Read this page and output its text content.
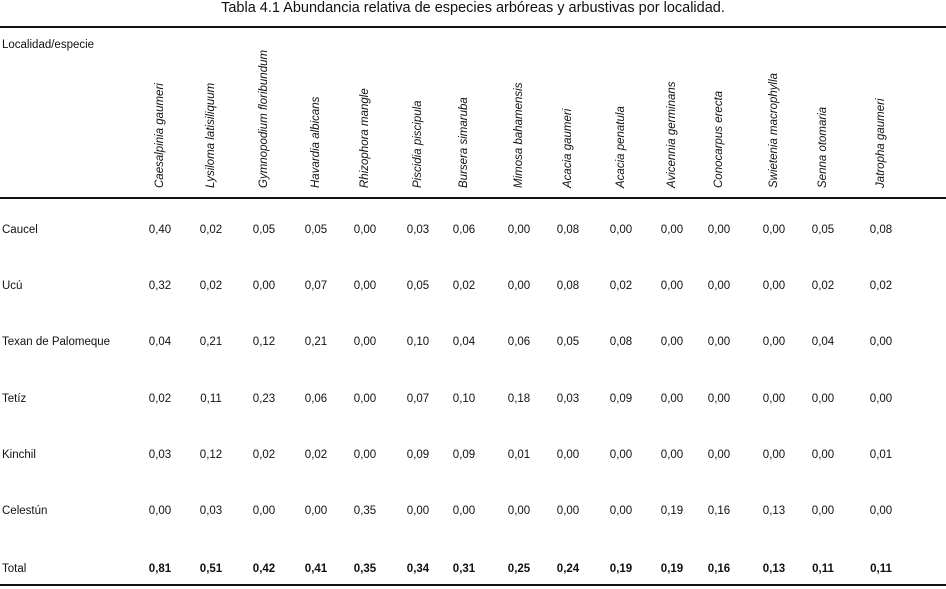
Tabla 4.1 Abundancia relativa de especies arbóreas y arbustivas por localidad.
Localidad/especie
Caesalpinia gaumeri	Lysiloma latisiliquum	Gymnopodium floribundum	Havardia albicans	Rhizophora mangle	Piscidia piscipula	Bursera simaruba	Mimosa bahamensis	Acacia gaumeri	Acacia penatula	Avicennia germinans	Conocarpus erecta	Swietenia macrophylla	Senna otomaria	Jatropha gaumeri
Caucel	0,40	0,02	0,05	0,05	0,00	0,03	0,06	0,00	0,08	0,00	0,00	0,00	0,00	0,05	0,08
Ucú	0,32	0,02	0,00	0,07	0,00	0,05	0,02	0,00	0,08	0,02	0,00	0,00	0,00	0,02	0,02
Texan de Palomeque	0,04	0,21	0,12	0,21	0,00	0,10	0,04	0,06	0,05	0,08	0,00	0,00	0,00	0,04	0,00
Tetíz	0,02	0,11	0,23	0,06	0,00	0,07	0,10	0,18	0,03	0,09	0,00	0,00	0,00	0,00	0,00
Kinchil	0,03	0,12	0,02	0,02	0,00	0,09	0,09	0,01	0,00	0,00	0,00	0,00	0,00	0,00	0,01
Celestún	0,00	0,03	0,00	0,00	0,35	0,00	0,00	0,00	0,00	0,00	0,19	0,16	0,13	0,00	0,00
Total	0,81	0,51	0,42	0,41	0,35	0,34	0,31	0,25	0,24	0,19	0,19	0,16	0,13	0,11	0,11
